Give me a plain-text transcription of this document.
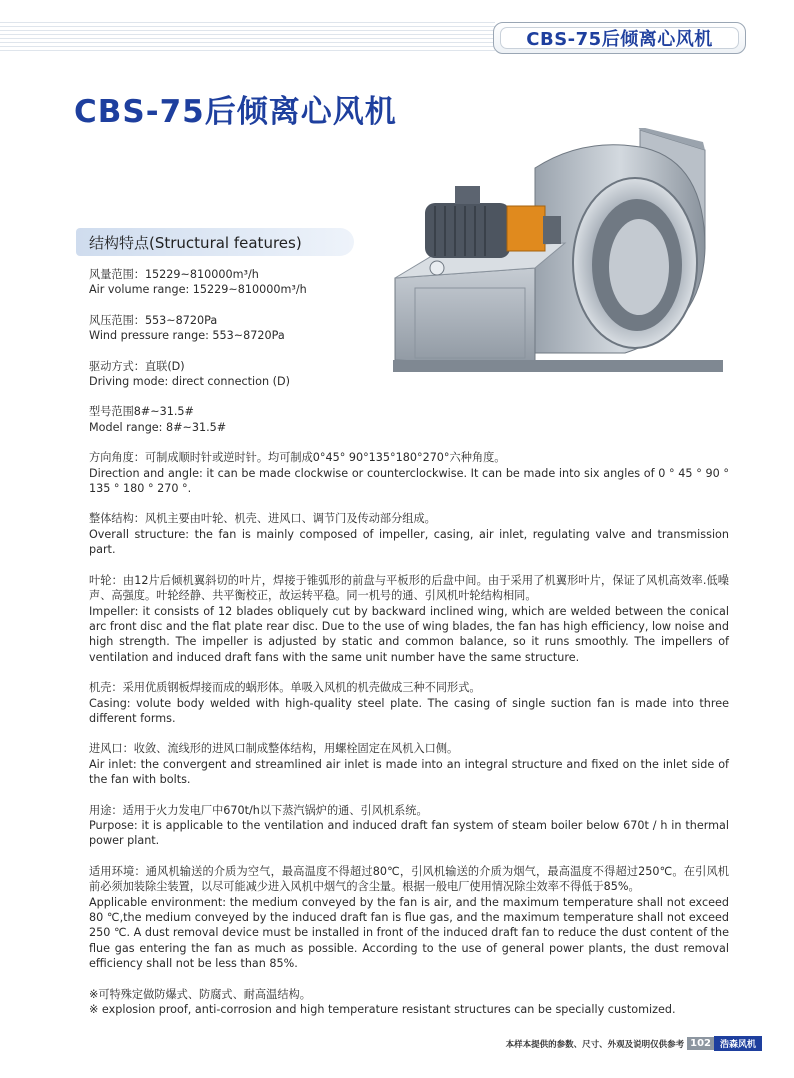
CBS-75后倾离心风机
CBS-75后倾离心风机
结构特点(Structural features)

风量范围：15229~810000m³/h

Air volume range: 15229~810000m³/h

风压范围：553~8720Pa

Wind pressure range: 553~8720Pa

驱动方式：直联(D)

Driving mode: direct connection (D)

型号范围8#~31.5#

Model range: 8#~31.5#

方向角度：可制成顺时针或逆时针。均可制成0°45° 90°135°180°270°六种角度。

Direction and angle: it can be made clockwise or counterclockwise. It can be made into six angles of 0 ° 45 ° 90 ° 135 ° 180 ° 270 °.

整体结构：风机主要由叶轮、机壳、进风口、调节门及传动部分组成。

Overall structure: the fan is mainly composed of impeller, casing, air inlet, regulating valve and transmission part.

叶轮：由12片后倾机翼斜切的叶片，焊接于锥弧形的前盘与平板形的后盘中间。由于采用了机翼形叶片，保证了风机高效率.低噪声、高强度。叶轮经静、共平衡校正，故运转平稳。同一机号的通、引风机叶轮结构相同。

Impeller: it consists of 12 blades obliquely cut by backward inclined wing, which are welded between the conical arc front disc and the flat plate rear disc. Due to the use of wing blades, the fan has high efficiency, low noise and high strength. The impeller is adjusted by static and common balance, so it runs smoothly. The impellers of ventilation and induced draft fans with the same unit number have the same structure.

机壳：采用优质钢板焊接而成的蜗形体。单吸入风机的机壳做成三种不同形式。

Casing: volute body welded with high-quality steel plate. The casing of single suction fan is made into three different forms.

进风口：收敛、流线形的进风口制成整体结构，用螺栓固定在风机入口侧。

Air inlet: the convergent and streamlined air inlet is made into an integral structure and fixed on the inlet side of the fan with bolts.

用途：适用于火力发电厂中670t/h以下蒸汽锅炉的通、引风机系统。

Purpose: it is applicable to the ventilation and induced draft fan system of steam boiler below 670t / h in thermal power plant.

适用环境：通风机输送的介质为空气，最高温度不得超过80℃，引风机输送的介质为烟气，最高温度不得超过250℃。在引风机前必须加装除尘装置，以尽可能减少进入风机中烟气的含尘量。根据一般电厂使用情况除尘效率不得低于85%。

Applicable environment: the medium conveyed by the fan is air, and the maximum temperature shall not exceed 80 ℃,the medium conveyed by the induced draft fan is flue gas, and the maximum temperature shall not exceed 250 ℃. A dust removal device must be installed in front of the induced draft fan to reduce the dust content of the flue gas entering the fan as much as possible. According to the use of general power plants, the dust removal efficiency shall not be less than 85%.

※可特殊定做防爆式、防腐式、耐高温结构。

※ explosion proof, anti-corrosion and high temperature resistant structures can be specially customized.

本样本提供的参数、尺寸、外观及说明仅供参考 102	浩森风机
